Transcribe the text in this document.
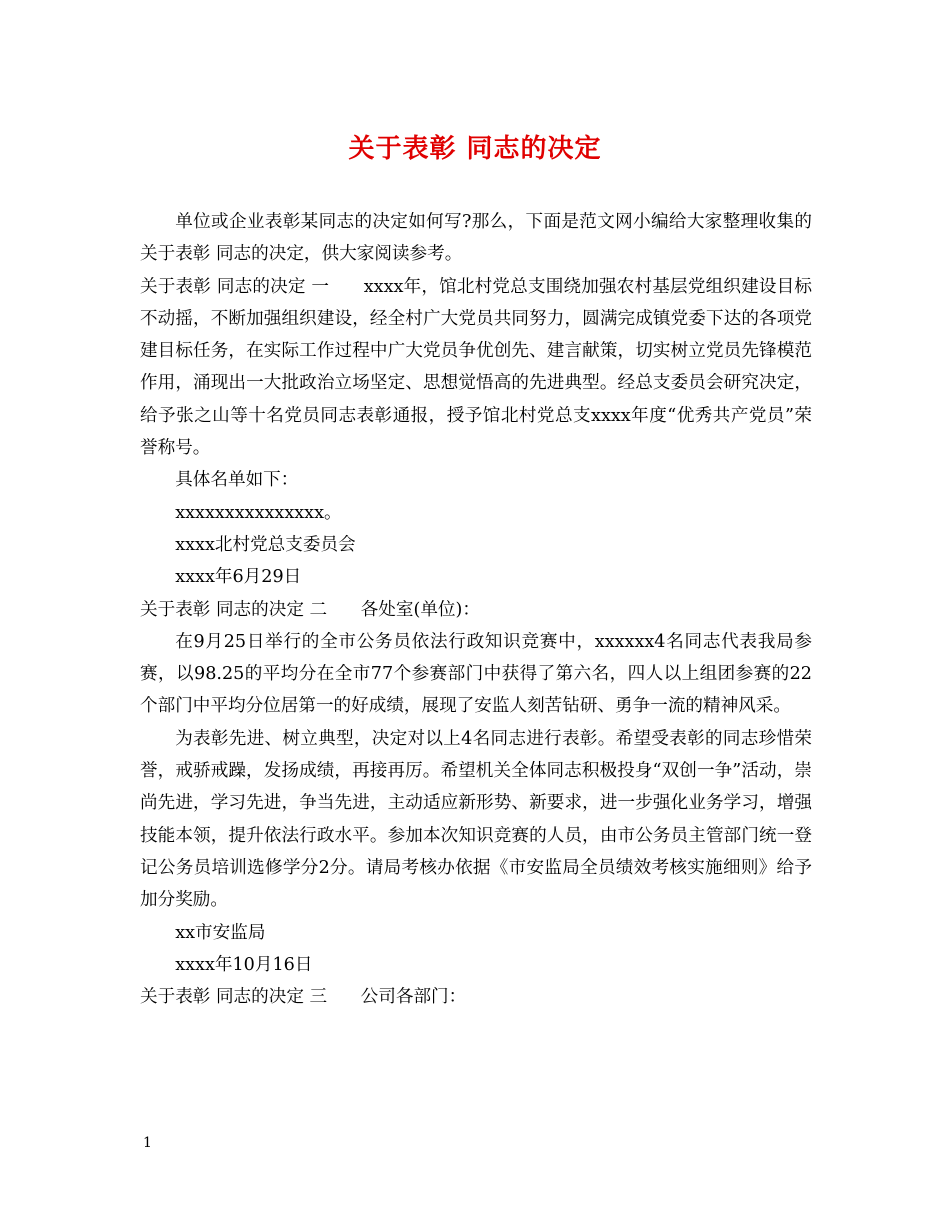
关于表彰 同志的决定

单位或企业表彰某同志的决定如何写?那么，下面是范文网小编给大家整理收集的关于表彰 同志的决定，供大家阅读参考。

关于表彰 同志的决定 一      xxxx年，馆北村党总支围绕加强农村基层党组织建设目标不动摇，不断加强组织建设，经全村广大党员共同努力，圆满完成镇党委下达的各项党建目标任务，在实际工作过程中广大党员争优创先、建言献策，切实树立党员先锋模范作用，涌现出一大批政治立场坚定、思想觉悟高的先进典型。经总支委员会研究决定，给予张之山等十名党员同志表彰通报，授予馆北村党总支xxxx年度“优秀共产党员”荣誉称号。

具体名单如下：

xxxxxxxxxxxxxxx。

xxxx北村党总支委员会

xxxx年6月29日

关于表彰 同志的决定 二      各处室(单位)：

在9月25日举行的全市公务员依法行政知识竞赛中，xxxxxx4名同志代表我局参赛，以98.25的平均分在全市77个参赛部门中获得了第六名，四人以上组团参赛的22个部门中平均分位居第一的好成绩，展现了安监人刻苦钻研、勇争一流的精神风采。

为表彰先进、树立典型，决定对以上4名同志进行表彰。希望受表彰的同志珍惜荣誉，戒骄戒躁，发扬成绩，再接再厉。希望机关全体同志积极投身“双创一争”活动，崇尚先进，学习先进，争当先进，主动适应新形势、新要求，进一步强化业务学习，增强技能本领，提升依法行政水平。参加本次知识竞赛的人员，由市公务员主管部门统一登记公务员培训选修学分2分。请局考核办依据《市安监局全员绩效考核实施细则》给予加分奖励。

xx市安监局

xxxx年10月16日

关于表彰 同志的决定 三      公司各部门：

1
